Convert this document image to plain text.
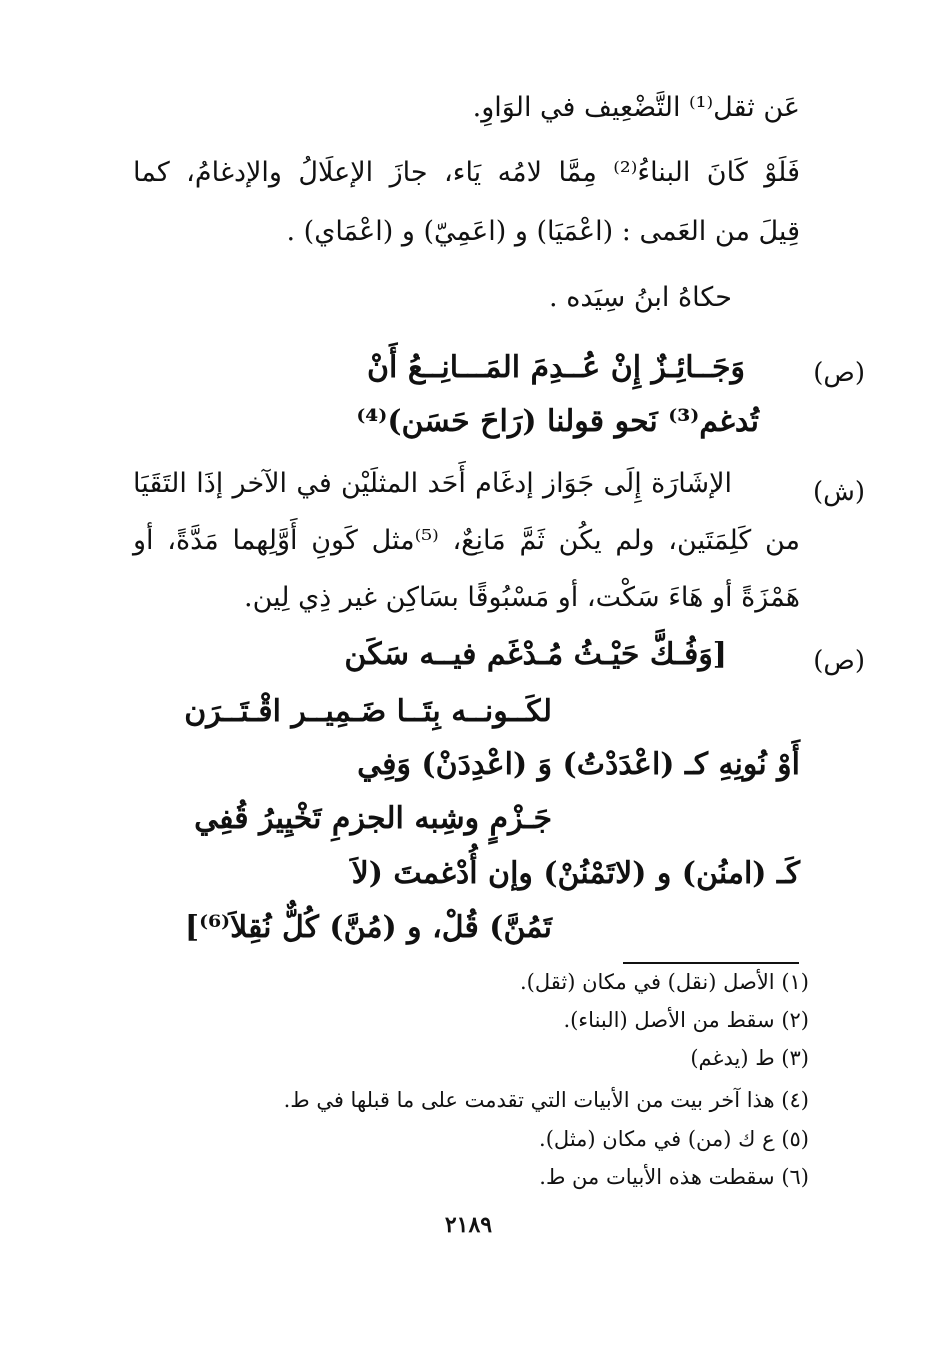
عَن ثقل⁽¹⁾ التَّضْعِيف في الوَاوِ.
فَلَوْ كَانَ البناءُ⁽²⁾ مِمَّا لامُه يَاء، جازَ الإعلَالُ والإدغامُ، كما
قِيلَ من العَمى : (اعْمَيَا) و (اعَمِيّ) و (اعْمَاي) .
حكاهُ ابنُ سِيَده .
(ص)
وَجَــائِـزٌ إِنْ عُــدِمَ المَـــانِــعُ أَنْ
تُدغم⁽³⁾ نَحو قولنا (رَاحَ حَسَن)⁽⁴⁾
(ش)
الإشَارَة إِلَى جَوَاز إدغَام أَحَد المثلَيْن في الآخر إذَا التَقَيَا
من كَلِمَتَين، ولم يكُن ثَمَّ مَانِعٌ، ⁽⁵⁾مثل كَونِ أَوَّلِهما مَدَّةً، أو
هَمْزَةً أو هَاءَ سَكْت، أو مَسْبُوقًا بسَاكِن غير ذِي لِين.
(ص)
[وَفُـكَّ حَيْـثُ مُـدْغَم فيــه سَكَن
لكَــونــه بِتَــا ضَـمِيــر اقْـتَــرَن
أَوْ نُونِهِ كـ (اعْدَدْتُ) وَ (اعْدِدَنْ) وَفِي
جَـزْمٍ وشِبه الجزمِ تَخْيِيرُ قُفِي
كَـ (امنُن) و (لاتَمْنُنْ) وإن أُدْغمتَ (لاَ
تَمُنَّ) قُلْ، و (مُنَّ) كُلٌّ نُقِلاَ⁽⁶⁾]
(١) الأصل (نقل) في مكان (ثقل).
(٢) سقط من الأصل (البناء).
(٣) ط (يدغم)
(٤) هذا آخر بيت من الأبيات التي تقدمت على ما قبلها في ط.
(٥) ع ك (من) في مكان (مثل).
(٦) سقطت هذه الأبيات من ط.
٢١٨٩
